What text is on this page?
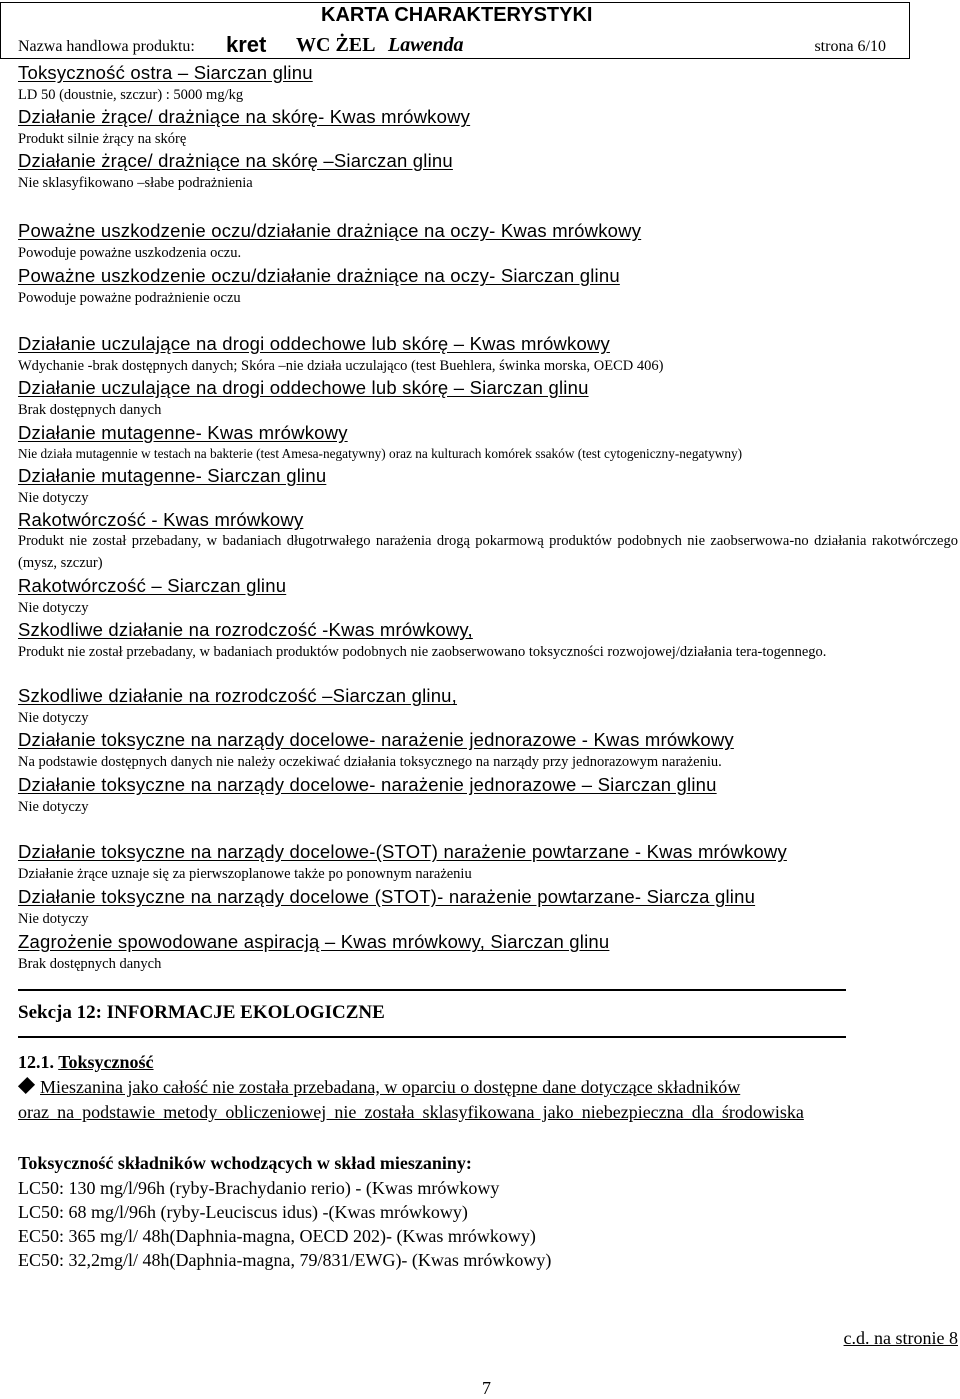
KARTA CHARAKTERYSTYKI
Nazwa handlowa produktu: kret WC ŻEL Lawenda	strona 6/10
Toksyczność ostra – Siarczan glinu
LD 50 (doustnie, szczur) : 5000 mg/kg
Działanie żrące/ drażniące na skórę- Kwas mrówkowy
Produkt silnie żrący na skórę
Działanie żrące/ drażniące na skórę –Siarczan glinu
Nie sklasyfikowano –słabe podrażnienia
Poważne uszkodzenie oczu/działanie drażniące na oczy- Kwas mrówkowy
Powoduje poważne uszkodzenia oczu.
Poważne uszkodzenie oczu/działanie drażniące na oczy- Siarczan glinu
Powoduje poważne podrażnienie oczu
Działanie uczulające na drogi oddechowe lub skórę – Kwas mrówkowy
Wdychanie -brak dostępnych danych; Skóra –nie działa uczulająco (test Buehlera, świnka morska, OECD 406)
Działanie uczulające na drogi oddechowe lub skórę – Siarczan glinu
Brak dostępnych danych
Działanie mutagenne- Kwas mrówkowy
Nie działa mutagennie w testach na bakterie (test Amesa-negatywny) oraz na kulturach komórek ssaków (test cytogeniczny-negatywny)
Działanie mutagenne- Siarczan glinu
Nie dotyczy
Rakotwórczość - Kwas mrówkowy
Produkt nie został przebadany, w badaniach długotrwałego narażenia drogą pokarmową produktów podobnych nie zaobserwowa-no działania rakotwórczego (mysz, szczur)
Rakotwórczość – Siarczan glinu
Nie dotyczy
Szkodliwe działanie na rozrodczość -Kwas mrówkowy,
Produkt nie został przebadany, w badaniach produktów podobnych nie zaobserwowano toksyczności rozwojowej/działania tera-togennego.
Szkodliwe działanie na rozrodczość –Siarczan glinu,
Nie dotyczy
Działanie toksyczne na narządy docelowe- narażenie jednorazowe - Kwas mrówkowy
Na podstawie dostępnych danych nie należy oczekiwać działania toksycznego na narządy przy jednorazowym narażeniu.
Działanie toksyczne na narządy docelowe- narażenie jednorazowe – Siarczan glinu
Nie dotyczy
Działanie toksyczne na narządy docelowe-(STOT) narażenie powtarzane - Kwas mrówkowy
Działanie żrące uznaje się za pierwszoplanowe także po ponownym narażeniu
Działanie toksyczne na narządy docelowe (STOT)- narażenie powtarzane- Siarcza glinu
Nie dotyczy
Zagrożenie spowodowane aspiracją – Kwas mrówkowy, Siarczan glinu
Brak dostępnych danych
Sekcja 12: INFORMACJE EKOLOGICZNE
12.1. Toksyczność
Mieszanina jako całość nie została przebadana, w oparciu o dostępne dane dotyczące składników
oraz na podstawie metody obliczeniowej nie została sklasyfikowana jako niebezpieczna dla środowiska
Toksyczność składników wchodzących w skład mieszaniny:
LC50: 130 mg/l/96h (ryby-Brachydanio rerio) - (Kwas mrówkowy
LC50: 68 mg/l/96h (ryby-Leuciscus idus) -(Kwas mrówkowy)
EC50: 365 mg/l/ 48h(Daphnia-magna, OECD 202)- (Kwas mrówkowy)
EC50: 32,2mg/l/ 48h(Daphnia-magna, 79/831/EWG)- (Kwas mrówkowy)
c.d. na stronie 8
7
